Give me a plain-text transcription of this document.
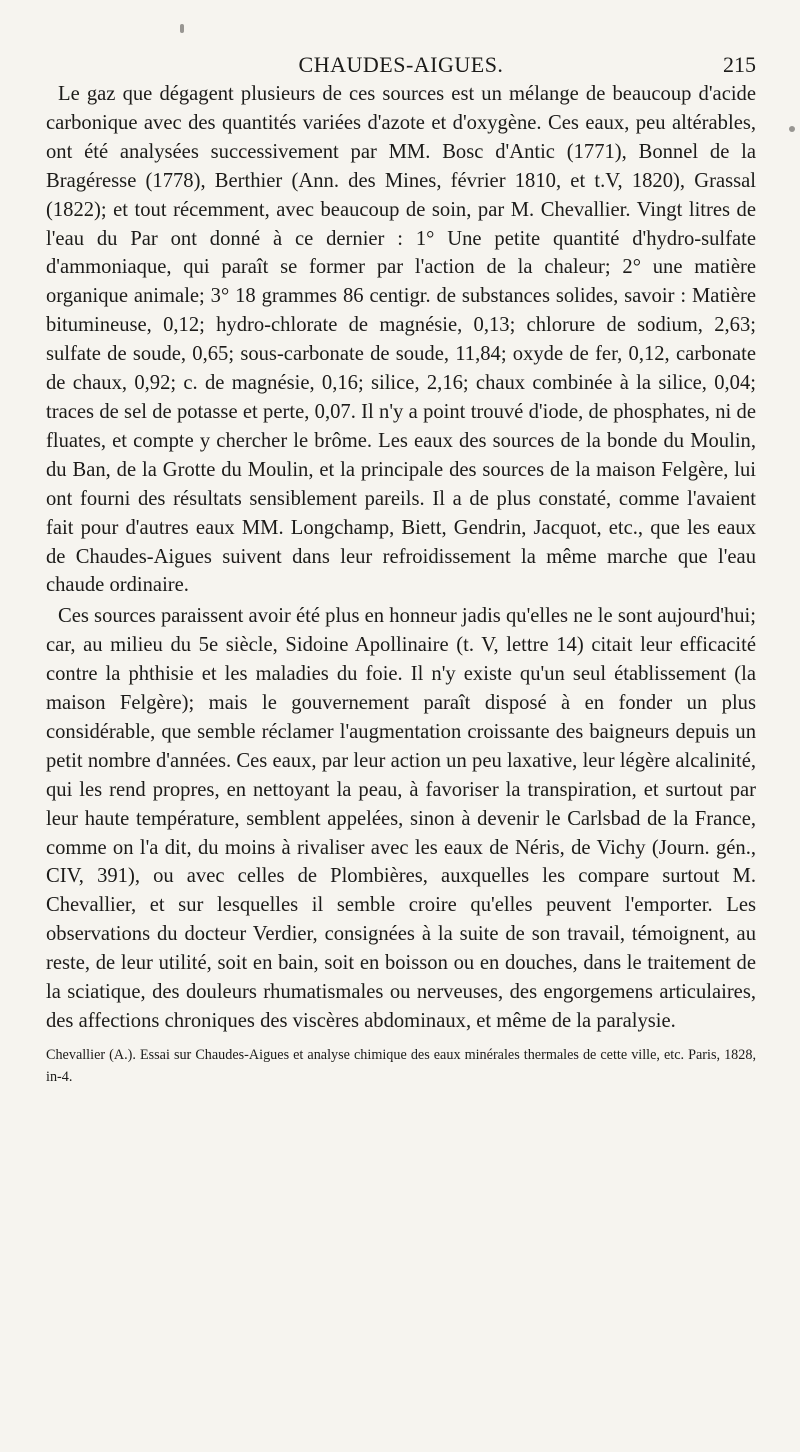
CHAUDES-AIGUES.	215

Le gaz que dégagent plusieurs de ces sources est un mélange de beaucoup d'acide carbonique avec des quantités variées d'azote et d'oxygène. Ces eaux, peu altérables, ont été analysées successivement par MM. Bosc d'Antic (1771), Bonnel de la Bragéresse (1778), Berthier (Ann. des Mines, février 1810, et t.V, 1820), Grassal (1822); et tout récemment, avec beaucoup de soin, par M. Chevallier. Vingt litres de l'eau du Par ont donné à ce dernier : 1° Une petite quantité d'hydro-sulfate d'ammoniaque, qui paraît se former par l'action de la chaleur; 2° une matière organique animale; 3° 18 grammes 86 centigr. de substances solides, savoir : Matière bitumineuse, 0,12; hydro-chlorate de magnésie, 0,13; chlorure de sodium, 2,63; sulfate de soude, 0,65; sous-carbonate de soude, 11,84; oxyde de fer, 0,12, carbonate de chaux, 0,92; c. de magnésie, 0,16; silice, 2,16; chaux combinée à la silice, 0,04; traces de sel de potasse et perte, 0,07. Il n'y a point trouvé d'iode, de phosphates, ni de fluates, et compte y chercher le brôme. Les eaux des sources de la bonde du Moulin, du Ban, de la Grotte du Moulin, et la principale des sources de la maison Felgère, lui ont fourni des résultats sensiblement pareils. Il a de plus constaté, comme l'avaient fait pour d'autres eaux MM. Longchamp, Biett, Gendrin, Jacquot, etc., que les eaux de Chaudes-Aigues suivent dans leur refroidissement la même marche que l'eau chaude ordinaire.

Ces sources paraissent avoir été plus en honneur jadis qu'elles ne le sont aujourd'hui; car, au milieu du 5e siècle, Sidoine Apollinaire (t. V, lettre 14) citait leur efficacité contre la phthisie et les maladies du foie. Il n'y existe qu'un seul établissement (la maison Felgère); mais le gouvernement paraît disposé à en fonder un plus considérable, que semble réclamer l'augmentation croissante des baigneurs depuis un petit nombre d'années. Ces eaux, par leur action un peu laxative, leur légère alcalinité, qui les rend propres, en nettoyant la peau, à favoriser la transpiration, et surtout par leur haute température, semblent appelées, sinon à devenir le Carlsbad de la France, comme on l'a dit, du moins à rivaliser avec les eaux de Néris, de Vichy (Journ. gén., CIV, 391), ou avec celles de Plombières, auxquelles les compare surtout M. Chevallier, et sur lesquelles il semble croire qu'elles peuvent l'emporter. Les observations du docteur Verdier, consignées à la suite de son travail, témoignent, au reste, de leur utilité, soit en bain, soit en boisson ou en douches, dans le traitement de la sciatique, des douleurs rhumatismales ou nerveuses, des engorgemens articulaires, des affections chroniques des viscères abdominaux, et même de la paralysie.

Chevallier (A.). Essai sur Chaudes-Aigues et analyse chimique des eaux minérales thermales de cette ville, etc. Paris, 1828, in-4.
